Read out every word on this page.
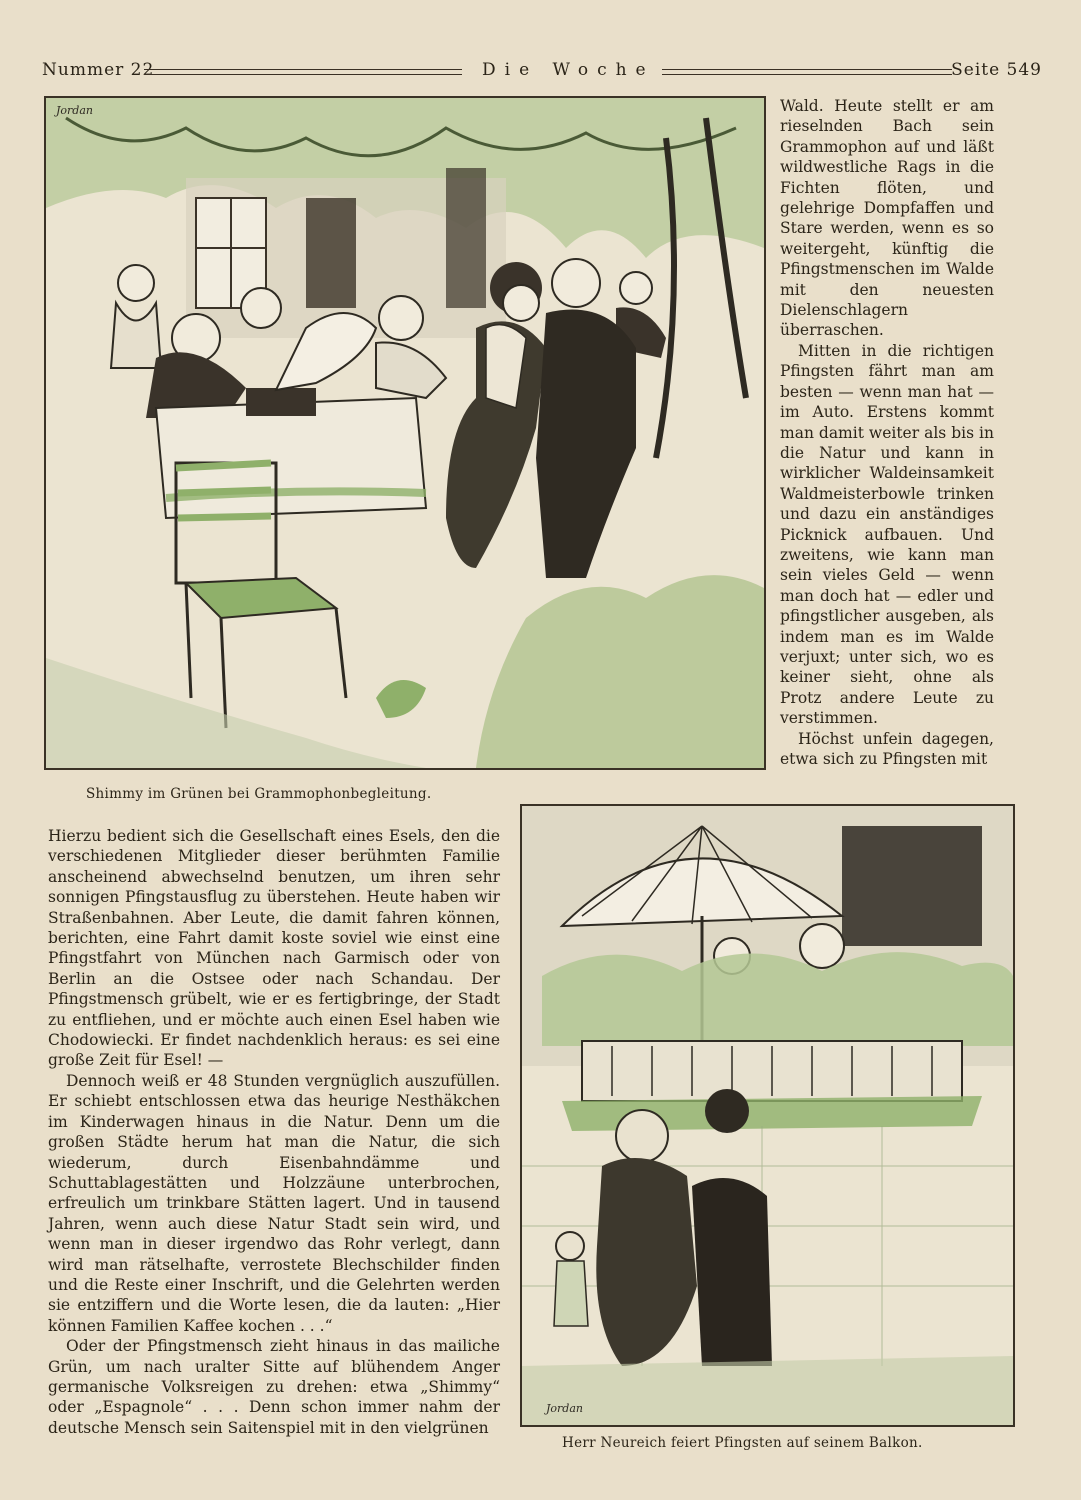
Nummer 22	Die Woche	Seite 549
Jordan
Shimmy im Grünen bei Grammophonbegleitung.

Wald. Heute stellt er am rieselnden Bach sein Grammophon auf und läßt wildwestliche Rags in die Fichten flöten, und gelehrige Dompfaffen und Stare werden, wenn es so weitergeht, künftig die Pfingstmenschen im Walde mit den neuesten Dielenschlagern überraschen.

Mitten in die richtigen Pfingsten fährt man am besten — wenn man hat — im Auto. Erstens kommt man damit weiter als bis in die Natur und kann in wirklicher Waldeinsamkeit Waldmeisterbowle trinken und dazu ein anständiges Picknick aufbauen. Und zweitens, wie kann man sein vieles Geld — wenn man doch hat — edler und pfingstlicher ausgeben, als indem man es im Walde verjuxt; unter sich, wo es keiner sieht, ohne als Protz andere Leute zu verstimmen.

Höchst unfein dagegen, etwa sich zu Pfingsten mit

Jordan
Herr Neureich feiert Pfingsten auf seinem Balkon.

Hierzu bedient sich die Gesellschaft eines Esels, den die verschiedenen Mitglieder dieser berühmten Familie anscheinend abwechselnd benutzen, um ihren sehr sonnigen Pfingstausflug zu überstehen. Heute haben wir Straßenbahnen. Aber Leute, die damit fahren können, berichten, eine Fahrt damit koste soviel wie einst eine Pfingstfahrt von München nach Garmisch oder von Berlin an die Ostsee oder nach Schandau. Der Pfingstmensch grübelt, wie er es fertigbringe, der Stadt zu entfliehen, und er möchte auch einen Esel haben wie Chodowiecki. Er findet nachdenklich heraus: es sei eine große Zeit für Esel! —

Dennoch weiß er 48 Stunden vergnüglich auszufüllen. Er schiebt entschlossen etwa das heurige Nesthäkchen im Kinderwagen hinaus in die Natur. Denn um die großen Städte herum hat man die Natur, die sich wiederum, durch Eisenbahndämme und Schuttablagestätten und Holzzäune unterbrochen, erfreulich um trinkbare Stätten lagert. Und in tausend Jahren, wenn auch diese Natur Stadt sein wird, und wenn man in dieser irgendwo das Rohr verlegt, dann wird man rätselhafte, verrostete Blechschilder finden und die Reste einer Inschrift, und die Gelehrten werden sie entziffern und die Worte lesen, die da lauten: „Hier können Familien Kaffee kochen . . .“

Oder der Pfingstmensch zieht hinaus in das mailiche Grün, um nach uralter Sitte auf blühendem Anger germanische Volksreigen zu drehen: etwa „Shimmy“ oder „Espagnole“ . . . Denn schon immer nahm der deutsche Mensch sein Saitenspiel mit in den vielgrünen
